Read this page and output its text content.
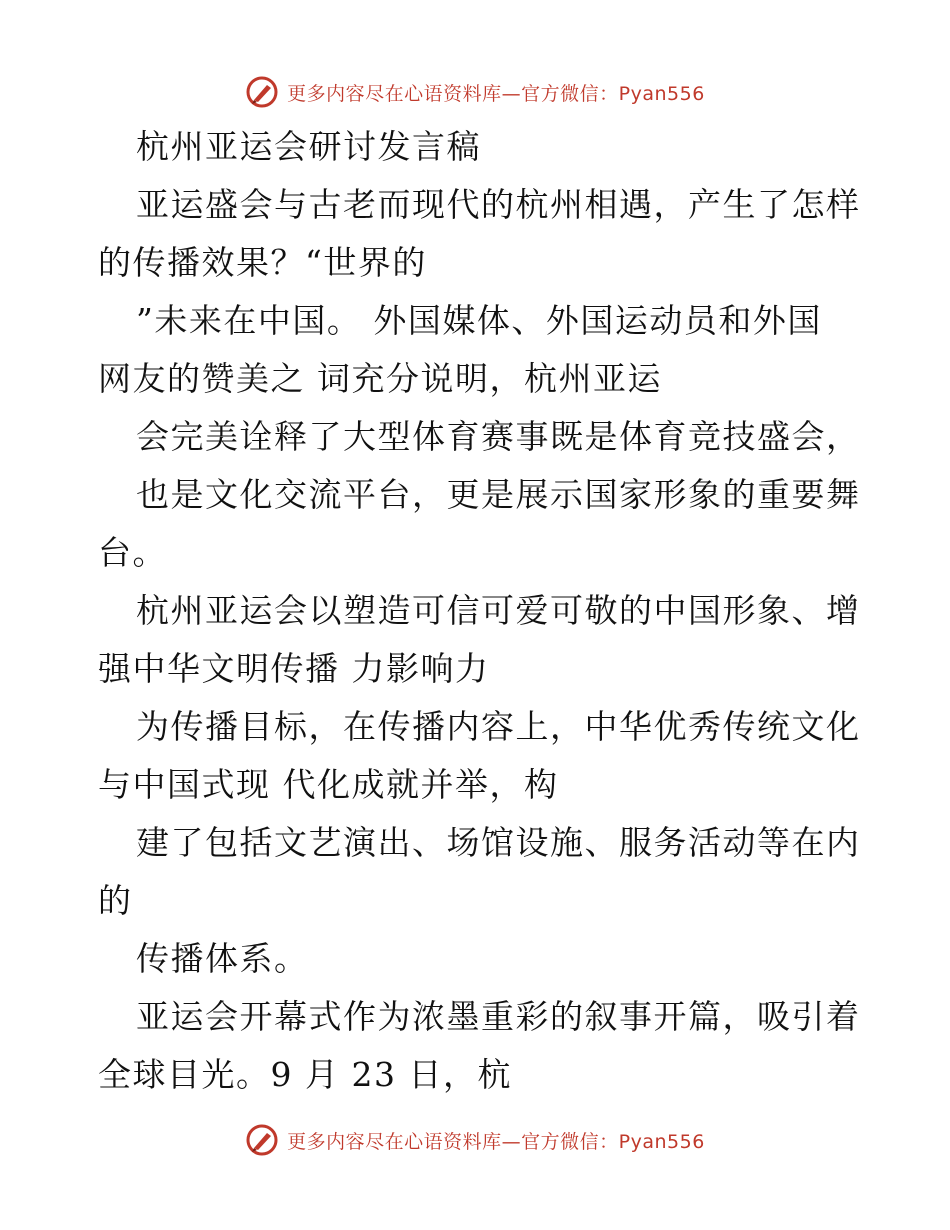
更多内容尽在心语资料库—官方微信：Pyan556
杭州亚运会研讨发言稿
亚运盛会与古老而现代的杭州相遇，产生了怎样
的传播效果？“世界的
”未来在中国。 外国媒体、外国运动员和外国
网友的赞美之 词充分说明，杭州亚运
会完美诠释了大型体育赛事既是体育竞技盛会，
也是文化交流平台，更是展示国家形象的重要舞
台。
杭州亚运会以塑造可信可爱可敬的中国形象、增
强中华文明传播 力影响力
为传播目标，在传播内容上，中华优秀传统文化
与中国式现 代化成就并举，构
建了包括文艺演出、场馆设施、服务活动等在内
的
传播体系。
亚运会开幕式作为浓墨重彩的叙事开篇，吸引着
全球目光。9 月 23 日，杭
更多内容尽在心语资料库—官方微信：Pyan556
